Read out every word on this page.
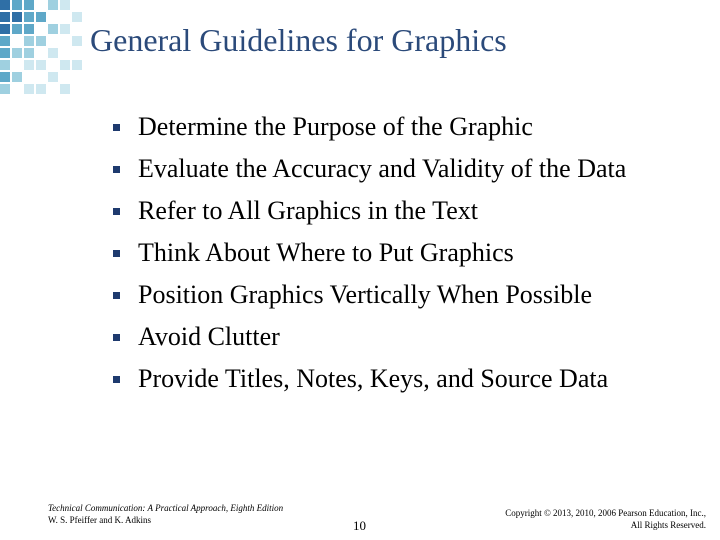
General Guidelines for Graphics
Determine the Purpose of the Graphic
Evaluate the Accuracy and Validity of the Data
Refer to All Graphics in the Text
Think About Where to Put Graphics
Position Graphics Vertically When Possible
Avoid Clutter
Provide Titles, Notes, Keys, and Source Data
Technical Communication: A Practical Approach, Eighth Edition
W. S. Pfeiffer and K. Adkins	10
Copyright © 2013, 2010, 2006 Pearson Education, Inc.,
All Rights Reserved.
